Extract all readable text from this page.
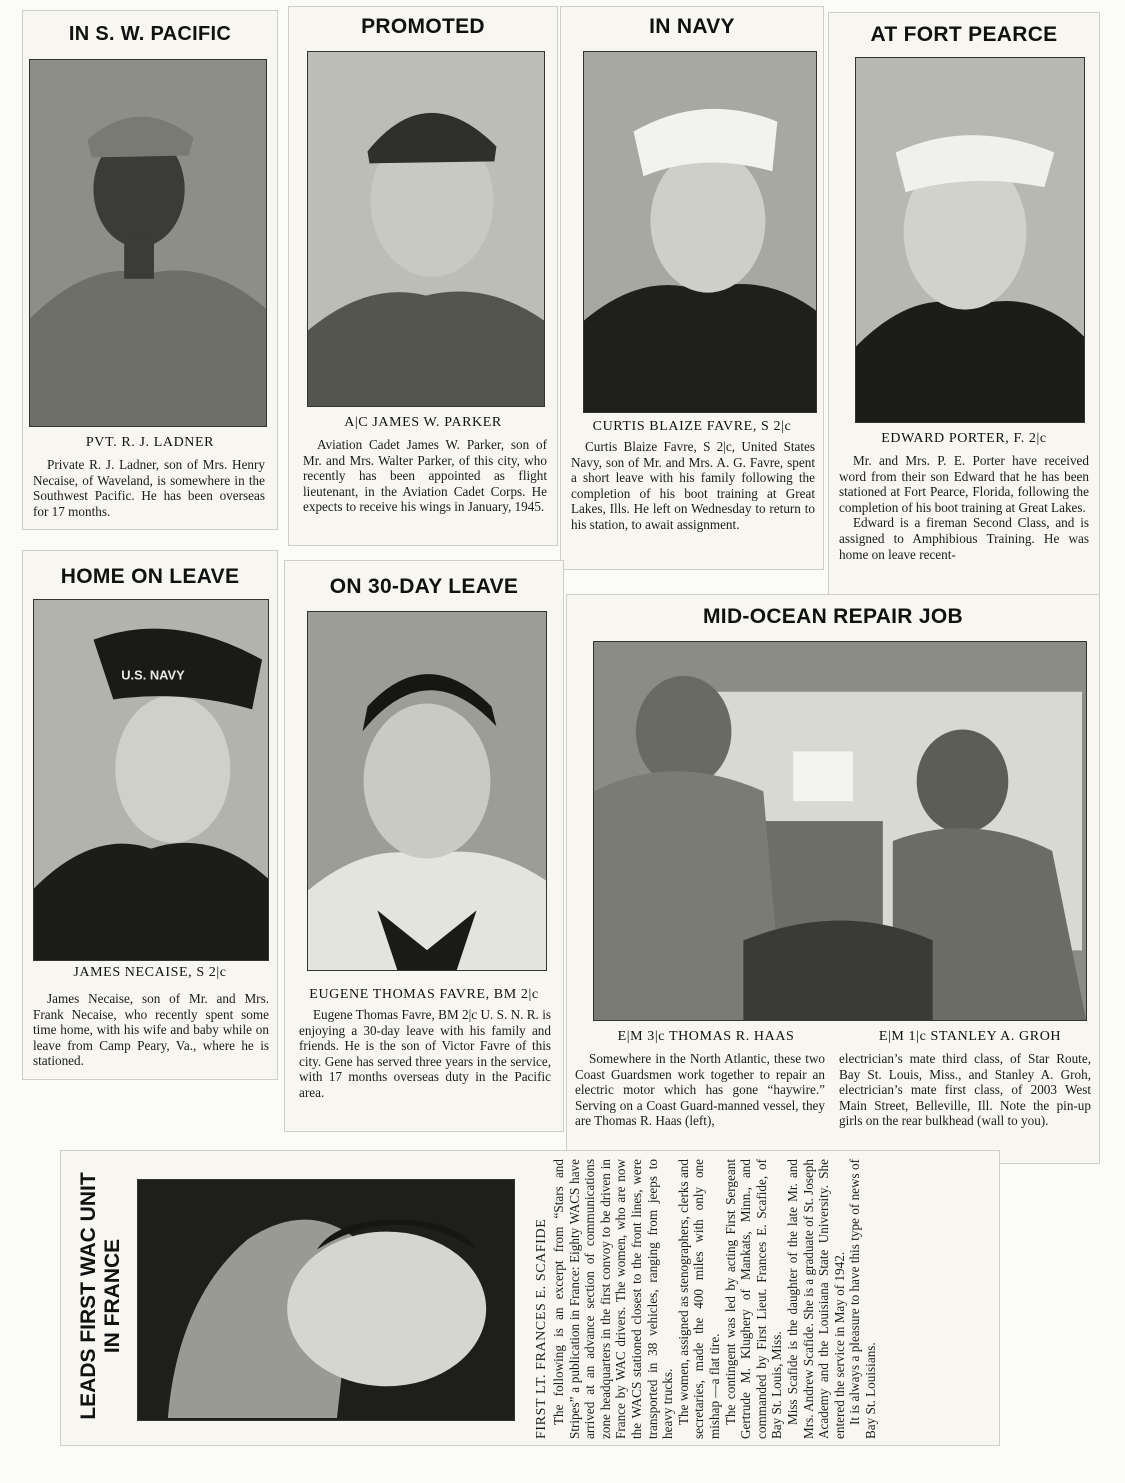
IN S. W. PACIFIC
PVT. R. J. LADNER

Private R. J. Ladner, son of Mrs. Henry Necaise, of Waveland, is somewhere in the Southwest Pacific. He has been overseas for 17 months.

PROMOTED
A|C JAMES W. PARKER

Aviation Cadet James W. Parker, son of Mr. and Mrs. Walter Parker, of this city, who recently has been appointed as flight lieutenant, in the Aviation Cadet Corps. He expects to receive his wings in January, 1945.

IN NAVY
CURTIS BLAIZE FAVRE, S 2|c

Curtis Blaize Favre, S 2|c, United States Navy, son of Mr. and Mrs. A. G. Favre, spent a short leave with his family following the completion of his boot training at Great Lakes, Ills. He left on Wednesday to return to his station, to await assignment.

AT FORT PEARCE
EDWARD PORTER, F. 2|c

Mr. and Mrs. P. E. Porter have received word from their son Edward that he has been stationed at Fort Pearce, Florida, following the completion of his boot training at Great Lakes.

Edward is a fireman Second Class, and is assigned to Amphibious Training. He was home on leave recent-

HOME ON LEAVE
U.S. NAVY
JAMES NECAISE, S 2|c

James Necaise, son of Mr. and Mrs. Frank Necaise, who recently spent some time home, with his wife and baby while on leave from Camp Peary, Va., where he is stationed.

ON 30-DAY LEAVE
EUGENE THOMAS FAVRE, BM 2|c

Eugene Thomas Favre, BM 2|c U. S. N. R. is enjoying a 30-day leave with his family and friends. He is the son of Victor Favre of this city. Gene has served three years in the service, with 17 months overseas duty in the Pacific area.

MID-OCEAN REPAIR JOB
E|M 3|c THOMAS R. HAAS	E|M 1|c STANLEY A. GROH

Somewhere in the North Atlantic, these two Coast Guardsmen work together to repair an electric motor which has gone “haywire.” Serving on a Coast Guard-manned vessel, they are Thomas R. Haas (left),

electrician’s mate third class, of Star Route, Bay St. Louis, Miss., and Stanley A. Groh, electrician’s mate first class, of 2003 West Main Street, Belleville, Ill. Note the pin-up girls on the rear bulkhead (wall to you).

LEADS FIRST WAC UNIT IN FRANCE	FIRST LT. FRANCES E. SCAFIDE The following is an excerpt from “Stars and Stripes” a publication in France: Eighty WACS have arrived at an advance section of communications zone headquarters in the first convoy to be driven in France by WAC drivers. The women, who are now the WACS stationed closest to the front lines, were transported in 38 vehicles, ranging from jeeps to heavy trucks. The women, assigned as stenographers, clerks and secretaries, made the 400 miles with only one mishap —a flat tire. The contingent was led by acting First Sergeant Gertrude M. Klughery of Mankats, Minn., and commanded by First Lieut. Frances E. Scafide, of Bay St. Louis, Miss. Miss Scafide is the daughter of the late Mr. and Mrs. Andrew Scafide. She is a graduate of St. Joseph Academy and the Louisiana State University. She entered the service in May of 1942. It is always a pleasure to have this type of news of Bay St. Louisians.
